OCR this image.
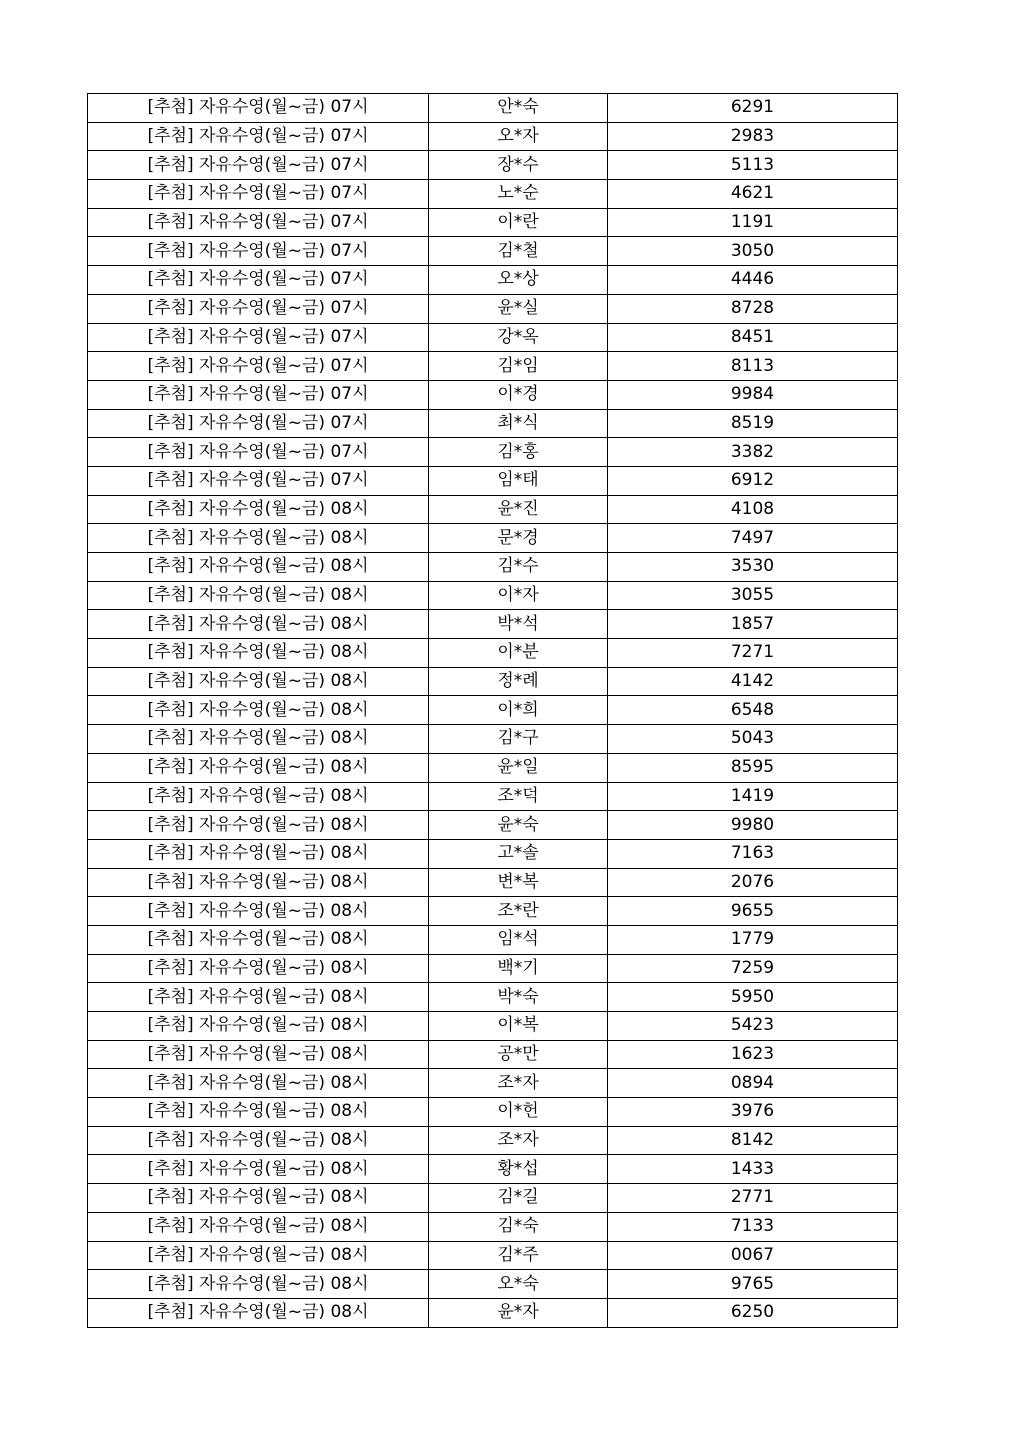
[추첨] 자유수영(월~금) 07시	안*숙	6291
[추첨] 자유수영(월~금) 07시	오*자	2983
[추첨] 자유수영(월~금) 07시	장*수	5113
[추첨] 자유수영(월~금) 07시	노*순	4621
[추첨] 자유수영(월~금) 07시	이*란	1191
[추첨] 자유수영(월~금) 07시	김*철	3050
[추첨] 자유수영(월~금) 07시	오*상	4446
[추첨] 자유수영(월~금) 07시	윤*실	8728
[추첨] 자유수영(월~금) 07시	강*옥	8451
[추첨] 자유수영(월~금) 07시	김*임	8113
[추첨] 자유수영(월~금) 07시	이*경	9984
[추첨] 자유수영(월~금) 07시	최*식	8519
[추첨] 자유수영(월~금) 07시	김*홍	3382
[추첨] 자유수영(월~금) 07시	임*태	6912
[추첨] 자유수영(월~금) 08시	윤*진	4108
[추첨] 자유수영(월~금) 08시	문*경	7497
[추첨] 자유수영(월~금) 08시	김*수	3530
[추첨] 자유수영(월~금) 08시	이*자	3055
[추첨] 자유수영(월~금) 08시	박*석	1857
[추첨] 자유수영(월~금) 08시	이*분	7271
[추첨] 자유수영(월~금) 08시	정*례	4142
[추첨] 자유수영(월~금) 08시	이*희	6548
[추첨] 자유수영(월~금) 08시	김*구	5043
[추첨] 자유수영(월~금) 08시	윤*일	8595
[추첨] 자유수영(월~금) 08시	조*덕	1419
[추첨] 자유수영(월~금) 08시	윤*숙	9980
[추첨] 자유수영(월~금) 08시	고*솔	7163
[추첨] 자유수영(월~금) 08시	변*복	2076
[추첨] 자유수영(월~금) 08시	조*란	9655
[추첨] 자유수영(월~금) 08시	임*석	1779
[추첨] 자유수영(월~금) 08시	백*기	7259
[추첨] 자유수영(월~금) 08시	박*숙	5950
[추첨] 자유수영(월~금) 08시	이*복	5423
[추첨] 자유수영(월~금) 08시	공*만	1623
[추첨] 자유수영(월~금) 08시	조*자	0894
[추첨] 자유수영(월~금) 08시	이*헌	3976
[추첨] 자유수영(월~금) 08시	조*자	8142
[추첨] 자유수영(월~금) 08시	황*섭	1433
[추첨] 자유수영(월~금) 08시	김*길	2771
[추첨] 자유수영(월~금) 08시	김*숙	7133
[추첨] 자유수영(월~금) 08시	김*주	0067
[추첨] 자유수영(월~금) 08시	오*숙	9765
[추첨] 자유수영(월~금) 08시	윤*자	6250
